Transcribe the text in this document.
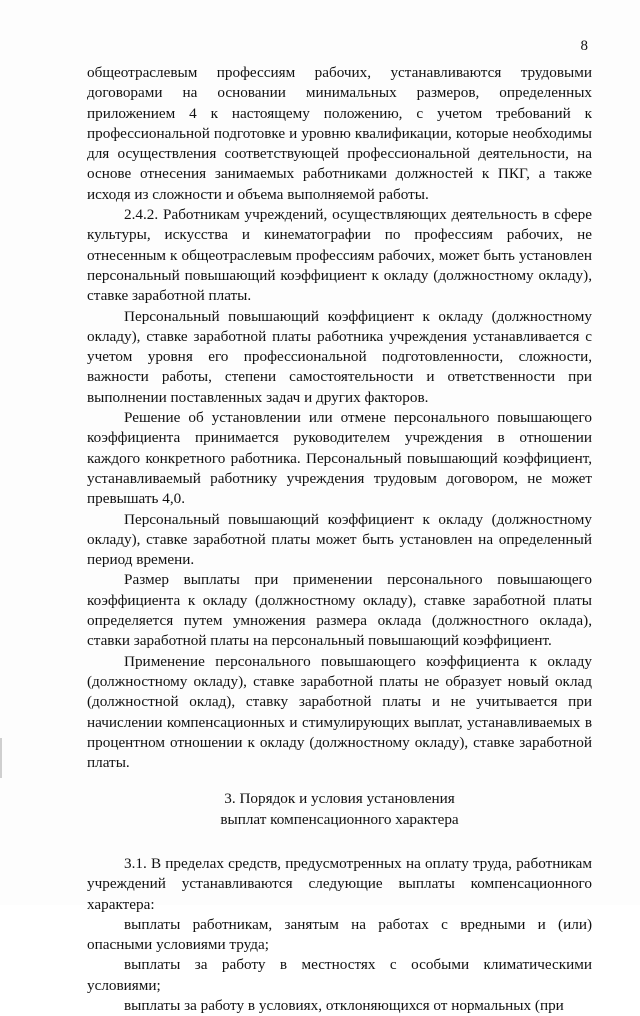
8

общеотраслевым профессиям рабочих, устанавливаются трудовыми договорами на основании минимальных размеров, определенных приложением 4 к настоящему положению, с учетом требований к профессиональной подготовке и уровню квалификации, которые необходимы для осуществления соответствующей профессиональной деятельности, на основе отнесения занимаемых работниками должностей к ПКГ, а также исходя из сложности и объема выполняемой работы.

2.4.2. Работникам учреждений, осуществляющих деятельность в сфере культуры, искусства и кинематографии по профессиям рабочих, не отнесенным к общеотраслевым профессиям рабочих, может быть установлен персональный повышающий коэффициент к окладу (должностному окладу), ставке заработной платы.

Персональный повышающий коэффициент к окладу (должностному окладу), ставке заработной платы работника учреждения устанавливается с учетом уровня его профессиональной подготовленности, сложности, важности работы, степени самостоятельности и ответственности при выполнении поставленных задач и других факторов.

Решение об установлении или отмене персонального повышающего коэффициента принимается руководителем учреждения в отношении каждого конкретного работника. Персональный повышающий коэффициент, устанавливаемый работнику учреждения трудовым договором, не может превышать 4,0.

Персональный повышающий коэффициент к окладу (должностному окладу), ставке заработной платы может быть установлен на определенный период времени.

Размер выплаты при применении персонального повышающего коэффициента к окладу (должностному окладу), ставке заработной платы определяется путем умножения размера оклада (должностного оклада), ставки заработной платы на персональный повышающий коэффициент.

Применение персонального повышающего коэффициента к окладу (должностному окладу), ставке заработной платы не образует новый оклад (должностной оклад), ставку заработной платы и не учитывается при начислении компенсационных и стимулирующих выплат, устанавливаемых в процентном отношении к окладу (должностному окладу), ставке заработной платы.

3. Порядок и условия установления
выплат компенсационного характера

3.1. В пределах средств, предусмотренных на оплату труда, работникам учреждений устанавливаются следующие выплаты компенсационного характера:

выплаты работникам, занятым на работах с вредными и (или) опасными условиями труда;

выплаты за работу в местностях с особыми климатическими условиями;

выплаты за работу в условиях, отклоняющихся от нормальных (при
